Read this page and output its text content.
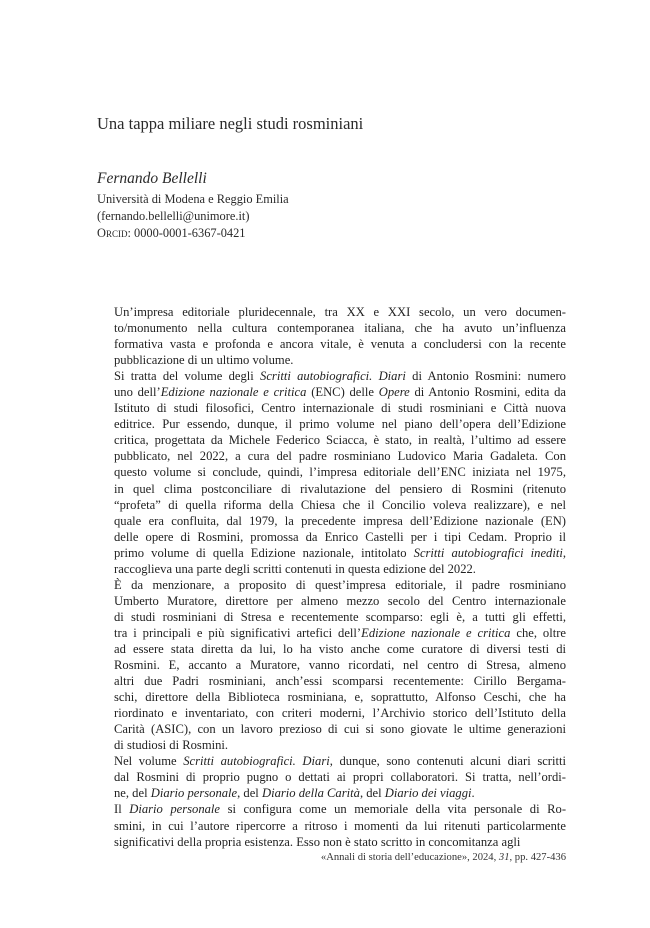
Una tappa miliare negli studi rosminiani
Fernando Bellelli
Università di Modena e Reggio Emilia
(fernando.bellelli@unimore.it)
Orcid: 0000-0001-6367-0421

Un’impresa editoriale pluridecennale, tra XX e XXI secolo, un vero documen-
to/monumento nella cultura contemporanea italiana, che ha avuto un’influenza
formativa vasta e profonda e ancora vitale, è venuta a concludersi con la recente
pubblicazione di un ultimo volume.

Si tratta del volume degli Scritti autobiografici. Diari di Antonio Rosmini: numero
uno dell’Edizione nazionale e critica (ENC) delle Opere di Antonio Rosmini, edita da
Istituto di studi filosofici, Centro internazionale di studi rosminiani e Città nuova
editrice. Pur essendo, dunque, il primo volume nel piano dell’opera dell’Edizione
critica, progettata da Michele Federico Sciacca, è stato, in realtà, l’ultimo ad essere
pubblicato, nel 2022, a cura del padre rosminiano Ludovico Maria Gadaleta. Con
questo volume si conclude, quindi, l’impresa editoriale dell’ENC iniziata nel 1975,
in quel clima postconciliare di rivalutazione del pensiero di Rosmini (ritenuto
“profeta” di quella riforma della Chiesa che il Concilio voleva realizzare), e nel
quale era confluita, dal 1979, la precedente impresa dell’Edizione nazionale (EN)
delle opere di Rosmini, promossa da Enrico Castelli per i tipi Cedam. Proprio il
primo volume di quella Edizione nazionale, intitolato Scritti autobiografici inediti,
raccoglieva una parte degli scritti contenuti in questa edizione del 2022.

È da menzionare, a proposito di quest’impresa editoriale, il padre rosminiano
Umberto Muratore, direttore per almeno mezzo secolo del Centro internazionale
di studi rosminiani di Stresa e recentemente scomparso: egli è, a tutti gli effetti,
tra i principali e più significativi artefici dell’Edizione nazionale e critica che, oltre
ad essere stata diretta da lui, lo ha visto anche come curatore di diversi testi di
Rosmini. E, accanto a Muratore, vanno ricordati, nel centro di Stresa, almeno
altri due Padri rosminiani, anch’essi scomparsi recentemente: Cirillo Bergama-
schi, direttore della Biblioteca rosminiana, e, soprattutto, Alfonso Ceschi, che ha
riordinato e inventariato, con criteri moderni, l’Archivio storico dell’Istituto della
Carità (ASIC), con un lavoro prezioso di cui si sono giovate le ultime generazioni
di studiosi di Rosmini.

Nel volume Scritti autobiografici. Diari, dunque, sono contenuti alcuni diari scritti
dal Rosmini di proprio pugno o dettati ai propri collaboratori. Si tratta, nell’ordi-
ne, del Diario personale, del Diario della Carità, del Diario dei viaggi.

Il Diario personale si configura come un memoriale della vita personale di Ro-
smini, in cui l’autore ripercorre a ritroso i momenti da lui ritenuti particolarmente
significativi della propria esistenza. Esso non è stato scritto in concomitanza agli

«Annali di storia dell’educazione», 2024, 31, pp. 427-436
